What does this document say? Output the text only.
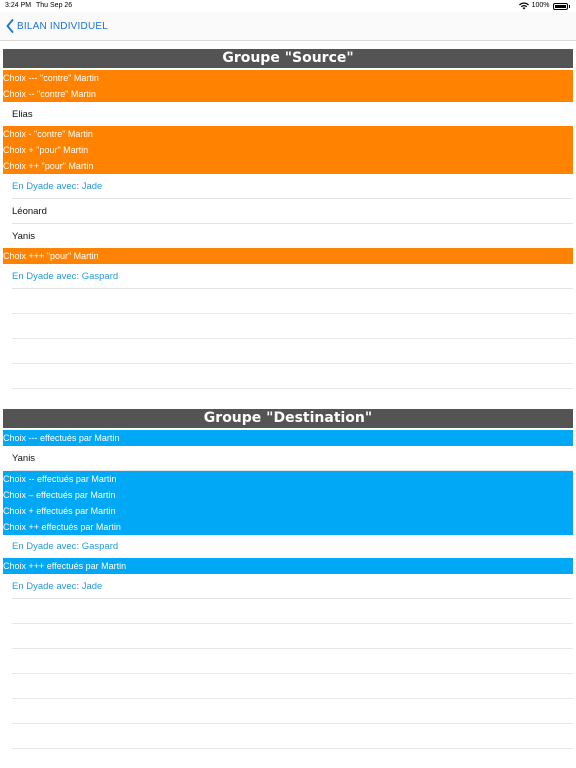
3:24 PM Thu Sep 26	100%
BILAN INDIVIDUEL
Groupe "Source"
Choix --- "contre" Martin
Choix -- "contre" Martin
Elias
Choix - "contre" Martin
Choix + "pour" Martin
Choix ++ "pour" Martin
En Dyade avec: Jade
Léonard
Yanis
Choix +++ "pour" Martin
En Dyade avec: Gaspard
Groupe "Destination"
Choix --- effectués par Martin
Yanis
Choix -- effectués par Martin
Choix – effectués par Martin
Choix + effectués par Martin
Choix ++ effectués par Martin
En Dyade avec: Gaspard
Choix +++ effectués par Martin
En Dyade avec: Jade
